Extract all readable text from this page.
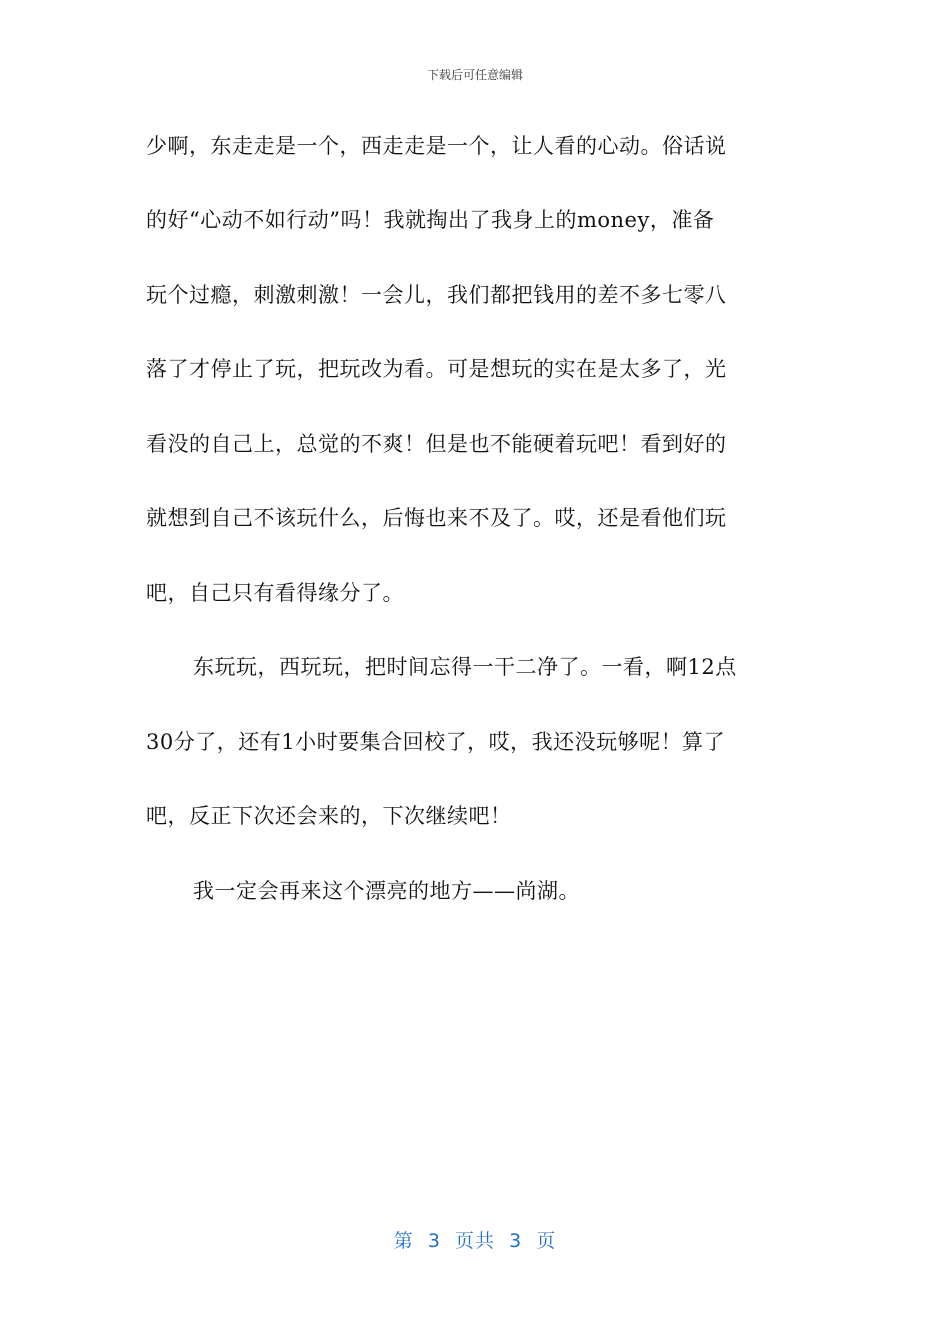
下载后可任意编辑
少啊，东走走是一个，西走走是一个，让人看的心动。俗话说
的好“心动不如行动”吗！我就掏出了我身上的money，准备
玩个过瘾，刺激刺激！一会儿，我们都把钱用的差不多七零八
落了才停止了玩，把玩改为看。可是想玩的实在是太多了，光
看没的自己上，总觉的不爽！但是也不能硬着玩吧！看到好的
就想到自己不该玩什么，后悔也来不及了。哎，还是看他们玩
吧，自己只有看得缘分了。
东玩玩，西玩玩，把时间忘得一干二净了。一看，啊12点
30分了，还有1小时要集合回校了，哎，我还没玩够呢！算了
吧，反正下次还会来的，下次继续吧！
我一定会再来这个漂亮的地方——尚湖。
第  3  页共  3  页
